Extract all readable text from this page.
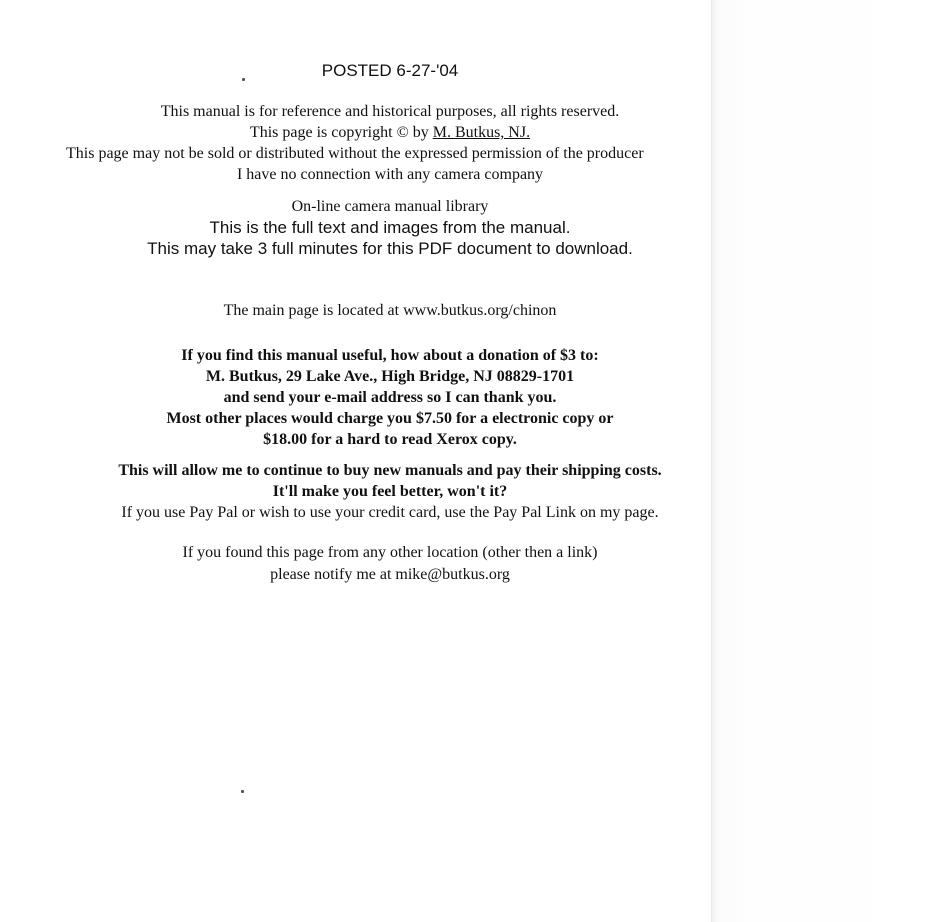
POSTED 6-27-'04
This manual is for reference and historical purposes, all rights reserved.
This page is copyright © by M. Butkus, NJ.
This page may not be sold or distributed without the expressed permission of the producer
I have no connection with any camera company
On-line camera manual library
This is the full text and images from the manual.
This may take 3 full minutes for this PDF document to download.
The main page is located at www.butkus.org/chinon
If you find this manual useful, how about a donation of $3 to:
M. Butkus, 29 Lake Ave., High Bridge, NJ 08829-1701
and send your e-mail address so I can thank you.
Most other places would charge you $7.50 for a electronic copy or
$18.00 for a hard to read Xerox copy.
This will allow me to continue to buy new manuals and pay their shipping costs.
It'll make you feel better, won't it?
If you use Pay Pal or wish to use your credit card, use the Pay Pal Link on my page.
If you found this page from any other location (other then a link)
please notify me at mike@butkus.org
